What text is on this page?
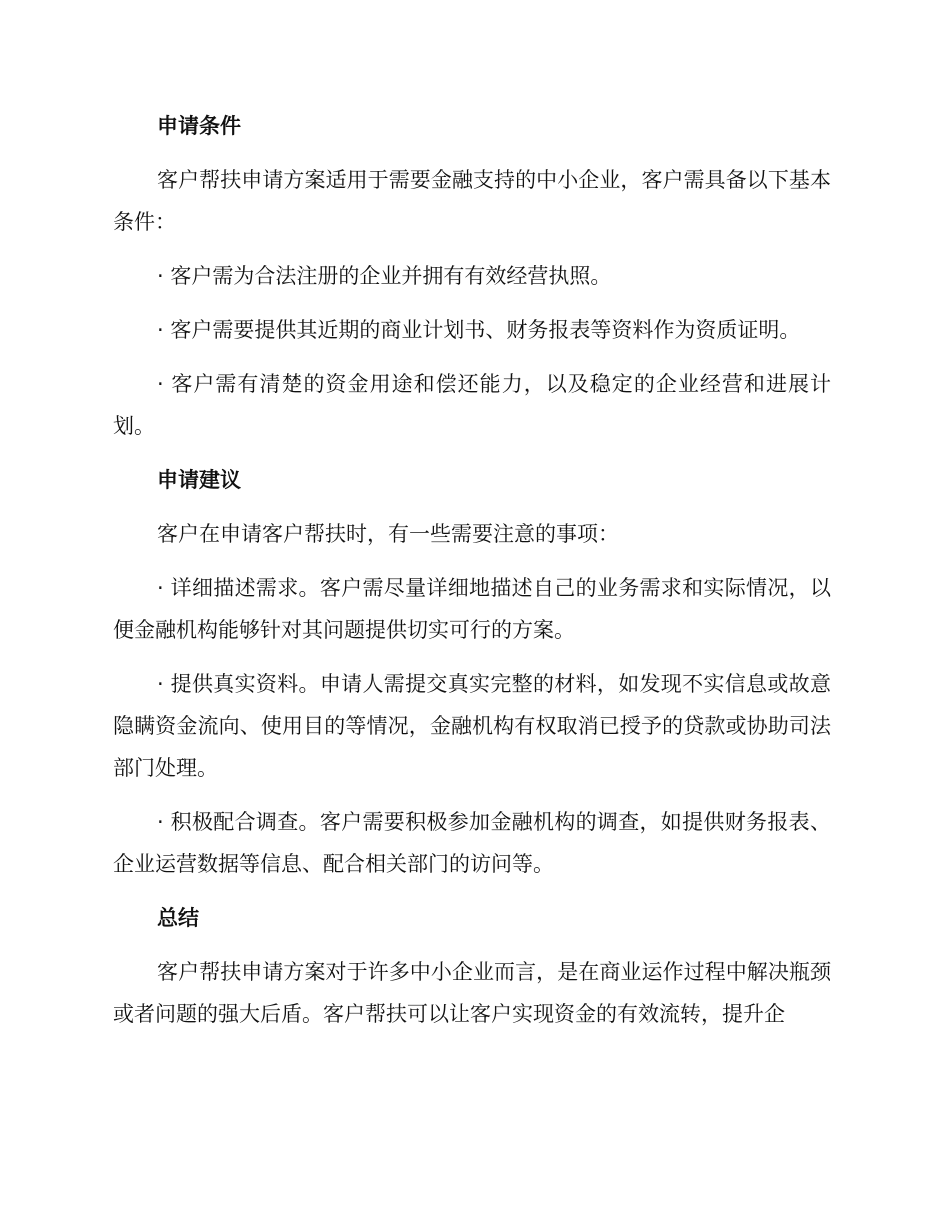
申请条件
客户帮扶申请方案适用于需要金融支持的中小企业，客户需具备以下基本条件：
· 客户需为合法注册的企业并拥有有效经营执照。
· 客户需要提供其近期的商业计划书、财务报表等资料作为资质证明。
· 客户需有清楚的资金用途和偿还能力，以及稳定的企业经营和进展计划。
申请建议
客户在申请客户帮扶时，有一些需要注意的事项：
· 详细描述需求。客户需尽量详细地描述自己的业务需求和实际情况，以便金融机构能够针对其问题提供切实可行的方案。
· 提供真实资料。申请人需提交真实完整的材料，如发现不实信息或故意隐瞒资金流向、使用目的等情况，金融机构有权取消已授予的贷款或协助司法部门处理。
· 积极配合调查。客户需要积极参加金融机构的调查，如提供财务报表、企业运营数据等信息、配合相关部门的访问等。
总结
客户帮扶申请方案对于许多中小企业而言，是在商业运作过程中解决瓶颈或者问题的强大后盾。客户帮扶可以让客户实现资金的有效流转，提升企
